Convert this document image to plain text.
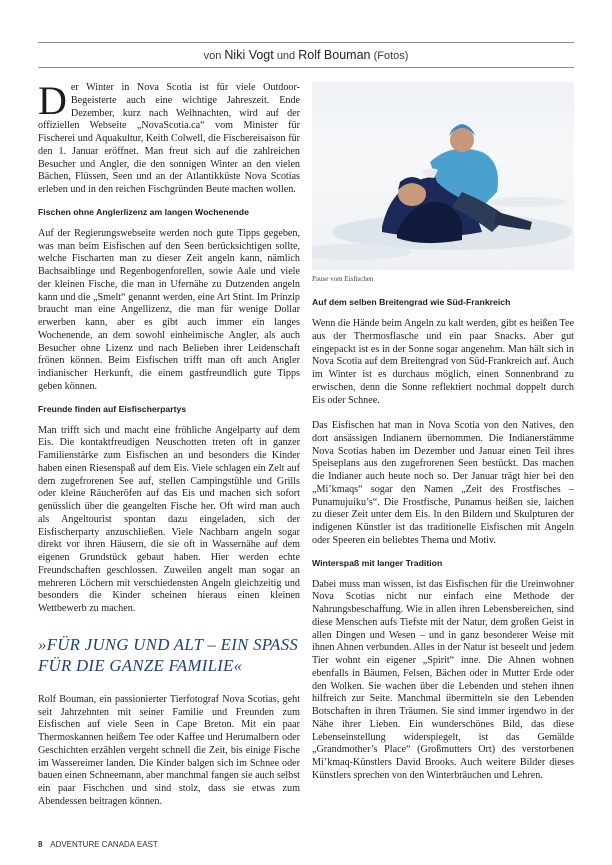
von Niki Vogt und Rolf Bouman (Fotos)

Der Winter in Nova Scotia ist für viele Outdoor-Begeisterte auch eine wichtige Jahreszeit. Ende Dezember, kurz nach Weihnachten, wird auf der offiziellen Webseite „NovaScotia.ca“ vom Minister für Fischerei und Aquakultur, Keith Colwell, die Fischereisaison für den 1. Januar eröffnet. Man freut sich auf die zahlreichen Besucher und Angler, die den sonnigen Winter an den vielen Bächen, Flüssen, Seen und an der Atlantikküste Nova Scotias erleben und in den reichen Fischgründen Beute machen wollen.

Fischen ohne Anglerlizenz am langen Wochenende

Auf der Regierungswebseite werden noch gute Tipps gegeben, was man beim Eisfischen auf den Seen berücksichtigen sollte, welche Fischarten man zu dieser Zeit angeln kann, nämlich Bachsaiblinge und Regenbogenforellen, sowie Aale und viele der kleinen Fische, die man in Ufernähe zu Dutzenden angeln kann und die „Smelt“ genannt werden, eine Art Stint. Im Prinzip braucht man eine Angellizenz, die man für wenige Dollar erwerben kann, aber es gibt auch immer ein langes Wochenende, an dem sowohl einheimische Angler, als auch Besucher ohne Lizenz und nach Belieben ihrer Leidenschaft frönen können. Beim Eisfischen trifft man oft auch Angler indianischer Herkunft, die einem gastfreundlich gute Tipps geben können.

Freunde finden auf Eisfischerpartys

Man trifft sich und macht eine fröhliche Angelparty auf dem Eis. Die kontaktfreudigen Neuschotten treten oft in ganzer Familienstärke zum Eisfischen an und besonders die Kinder haben einen Riesenspaß auf dem Eis. Viele schlagen ein Zelt auf dem zugefrorenen See auf, stellen Campingstühle und Grills oder kleine Räucheröfen auf das Eis und machen sich sofort genüsslich über die geangelten Fische her. Oft wird man auch als Angeltourist spontan dazu eingeladen, sich der Eisfischerparty anzuschließen. Viele Nachbarn angeln sogar direkt vor ihren Häusern, die sie oft in Wassernähe auf dem eigenen Grundstück gebaut haben. Hier werden echte Freundschaften geschlossen. Zuweilen angelt man sogar an mehreren Löchern mit verschiedensten Angeln gleichzeitig und besonders die Kinder scheinen hieraus einen kleinen Wettbewerb zu machen.

»FÜR JUNG UND ALT – EIN SPASS FÜR DIE GANZE FAMILIE«

Rolf Bouman, ein passionierter Tierfotograf Nova Scotias, geht seit Jahrzehnten mit seiner Familie und Freunden zum Eisfischen auf viele Seen in Cape Breton. Mit ein paar Thermoskannen heißem Tee oder Kaffee und Herumalbern oder Geschichten erzählen vergeht schnell die Zeit, bis einige Fische im Wassereimer landen. Die Kinder balgen sich im Schnee oder bauen einen Schneemann, aber manchmal fangen sie auch selbst ein paar Fischchen und sind stolz, dass sie etwas zum Abendessen beitragen können.

Pause vom Eisfischen
Auf dem selben Breitengrad wie Süd-Frankreich

Wenn die Hände beim Angeln zu kalt werden, gibt es heißen Tee aus der Thermosflasche und ein paar Snacks. Aber gut eingepackt ist es in der Sonne sogar angenehm. Man hält sich in Nova Scotia auf dem Breitengrad von Süd-Frankreich auf. Auch im Winter ist es durchaus möglich, einen Sonnenbrand zu erwischen, denn die Sonne reflektiert nochmal doppelt durch Eis oder Schnee.

Das Eisfischen hat man in Nova Scotia von den Natives, den dort ansässigen Indianern übernommen. Die Indianerstämme Nova Scotias haben im Dezember und Januar einen Teil ihres Speiseplans aus den zugefrorenen Seen bestückt. Das machen die Indianer auch heute noch so. Der Januar trägt hier bei den „Mi’kmaqs“ sogar den Namen „Zeit des Frostfisches – Punamujuiku’s“. Die Frostfische, Punamus heißen sie, laichen zu dieser Zeit unter dem Eis. In den Bildern und Skulpturen der indigenen Künstler ist das traditionelle Eisfischen mit Angeln oder Speeren ein beliebtes Thema und Motiv.

Winterspaß mit langer Tradition

Dabei muss man wissen, ist das Eisfischen für die Ureinwohner Nova Scotias nicht nur einfach eine Methode der Nahrungsbeschaffung. Wie in allen ihren Lebensbereichen, sind diese Menschen aufs Tiefste mit der Natur, dem großen Geist in allen Dingen und Wesen – und in ganz besonderer Weise mit ihnen Ahnen verbunden. Alles in der Natur ist beseelt und jedem Tier wohnt ein eigener „Spirit“ inne. Die Ahnen wohnen ebenfalls in Bäumen, Felsen, Bächen oder in Mutter Erde oder den Wolken. Sie wachen über die Lebenden und stehen ihnen hilfreich zur Seite. Manchmal übermitteln sie den Lebenden Botschaften in ihren Träumen. Sie sind immer irgendwo in der Nähe ihrer Lieben. Ein wunderschönes Bild, das diese Lebenseinstellung widerspiegelt, ist das Gemälde „Grandmother’s Place“ (Großmutters Ort) des verstorbenen Mi’kmaq-Künstlers David Brooks. Auch weitere Bilder dieses Künstlers sprechen von den Winterbräuchen und Lehren.

8 ADVENTURE CANADA EAST
